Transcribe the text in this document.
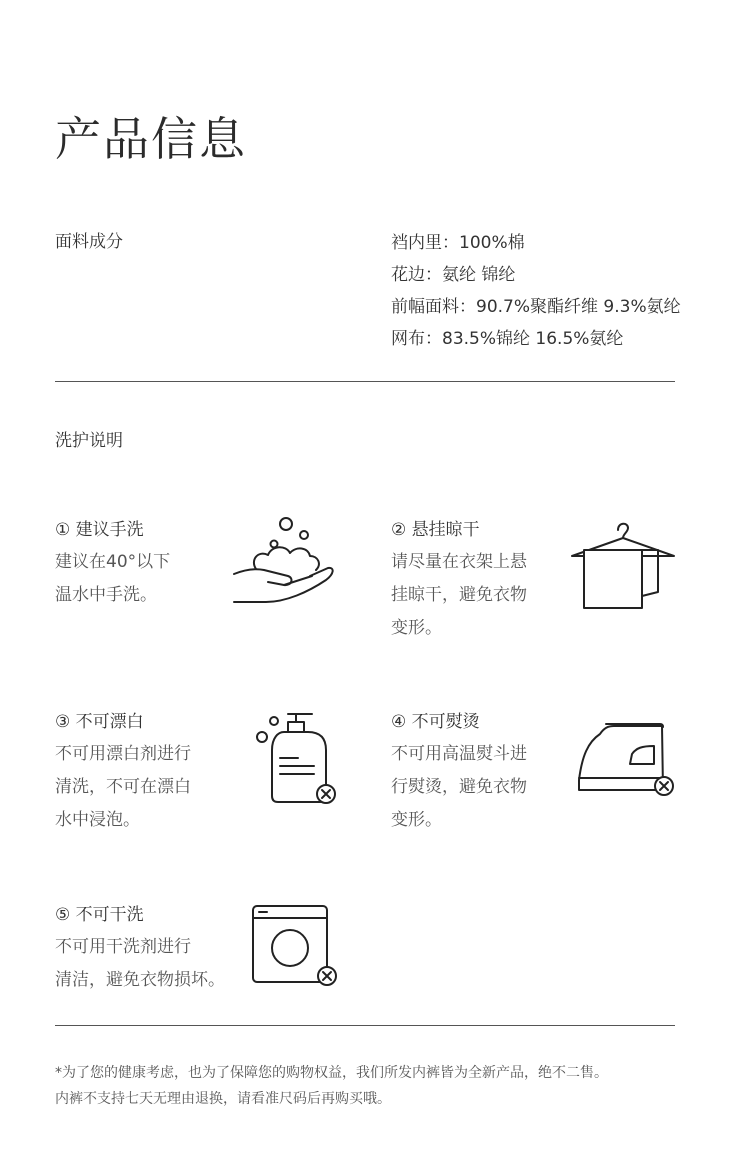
产品信息
面料成分	裆内里：100%棉
花边：氨纶 锦纶
前幅面料：90.7%聚酯纤维 9.3%氨纶
网布：83.5%锦纶 16.5%氨纶
洗护说明
① 建议手洗
建议在40°以下
温水中手洗。
② 悬挂晾干
请尽量在衣架上悬
挂晾干，避免衣物
变形。
③ 不可漂白
不可用漂白剂进行
清洗，不可在漂白
水中浸泡。
④ 不可熨烫
不可用高温熨斗进
行熨烫，避免衣物
变形。
⑤ 不可干洗
不可用干洗剂进行
清洁，避免衣物损坏。
*为了您的健康考虑，也为了保障您的购物权益，我们所发内裤皆为全新产品，绝不二售。
内裤不支持七天无理由退换，请看准尺码后再购买哦。
